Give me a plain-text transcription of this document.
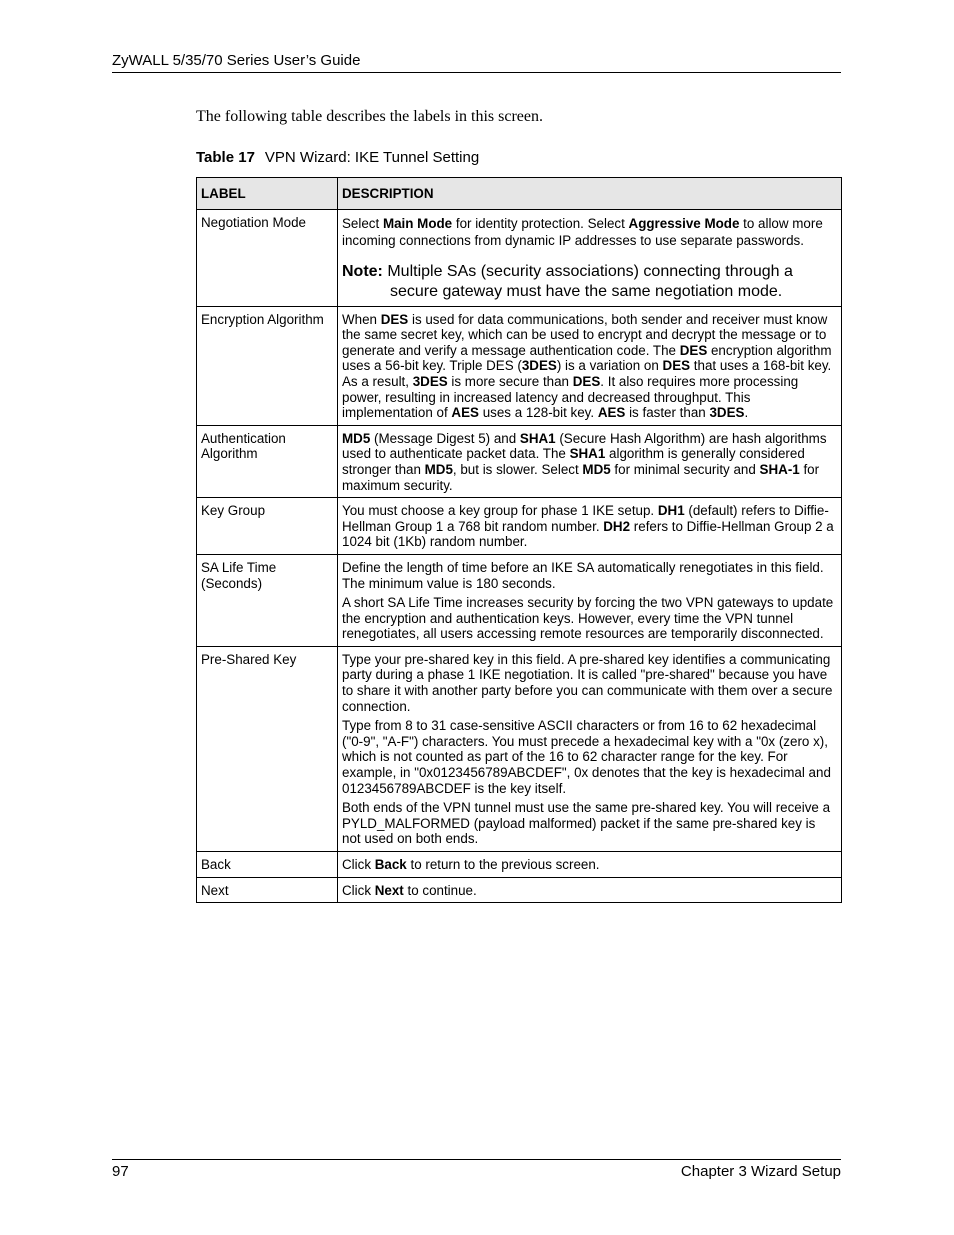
ZyWALL 5/35/70 Series User’s Guide
The following table describes the labels in this screen.
Table 17 VPN Wizard: IKE Tunnel Setting
LABEL	DESCRIPTION
Negotiation Mode	Select Main Mode for identity protection. Select Aggressive Mode to allow more incoming connections from dynamic IP addresses to use separate passwords.

Note: Multiple SAs (security associations) connecting through a secure gateway must have the same negotiation mode.

Encryption Algorithm	When DES is used for data communications, both sender and receiver must know the same secret key, which can be used to encrypt and decrypt the message or to generate and verify a message authentication code. The DES encryption algorithm uses a 56-bit key. Triple DES (3DES) is a variation on DES that uses a 168-bit key. As a result, 3DES is more secure than DES. It also requires more processing power, resulting in increased latency and decreased throughput. This implementation of AES uses a 128-bit key. AES is faster than 3DES.

Authentication Algorithm	MD5 (Message Digest 5) and SHA1 (Secure Hash Algorithm) are hash algorithms used to authenticate packet data. The SHA1 algorithm is generally considered stronger than MD5, but is slower. Select MD5 for minimal security and SHA-1 for maximum security.

Key Group	You must choose a key group for phase 1 IKE setup. DH1 (default) refers to Diffie-Hellman Group 1 a 768 bit random number. DH2 refers to Diffie-Hellman Group 2 a 1024 bit (1Kb) random number.

SA Life Time (Seconds)	Define the length of time before an IKE SA automatically renegotiates in this field. The minimum value is 180 seconds.

A short SA Life Time increases security by forcing the two VPN gateways to update the encryption and authentication keys. However, every time the VPN tunnel renegotiates, all users accessing remote resources are temporarily disconnected.

Pre-Shared Key	Type your pre-shared key in this field. A pre-shared key identifies a communicating party during a phase 1 IKE negotiation. It is called "pre-shared" because you have to share it with another party before you can communicate with them over a secure connection.

Type from 8 to 31 case-sensitive ASCII characters or from 16 to 62 hexadecimal ("0-9", "A-F") characters. You must precede a hexadecimal key with a "0x (zero x), which is not counted as part of the 16 to 62 character range for the key. For example, in "0x0123456789ABCDEF", 0x denotes that the key is hexadecimal and 0123456789ABCDEF is the key itself.

Both ends of the VPN tunnel must use the same pre-shared key. You will receive a PYLD_MALFORMED (payload malformed) packet if the same pre-shared key is not used on both ends.

Back	Click Back to return to the previous screen.

Next	Click Next to continue.

97	Chapter 3 Wizard Setup
